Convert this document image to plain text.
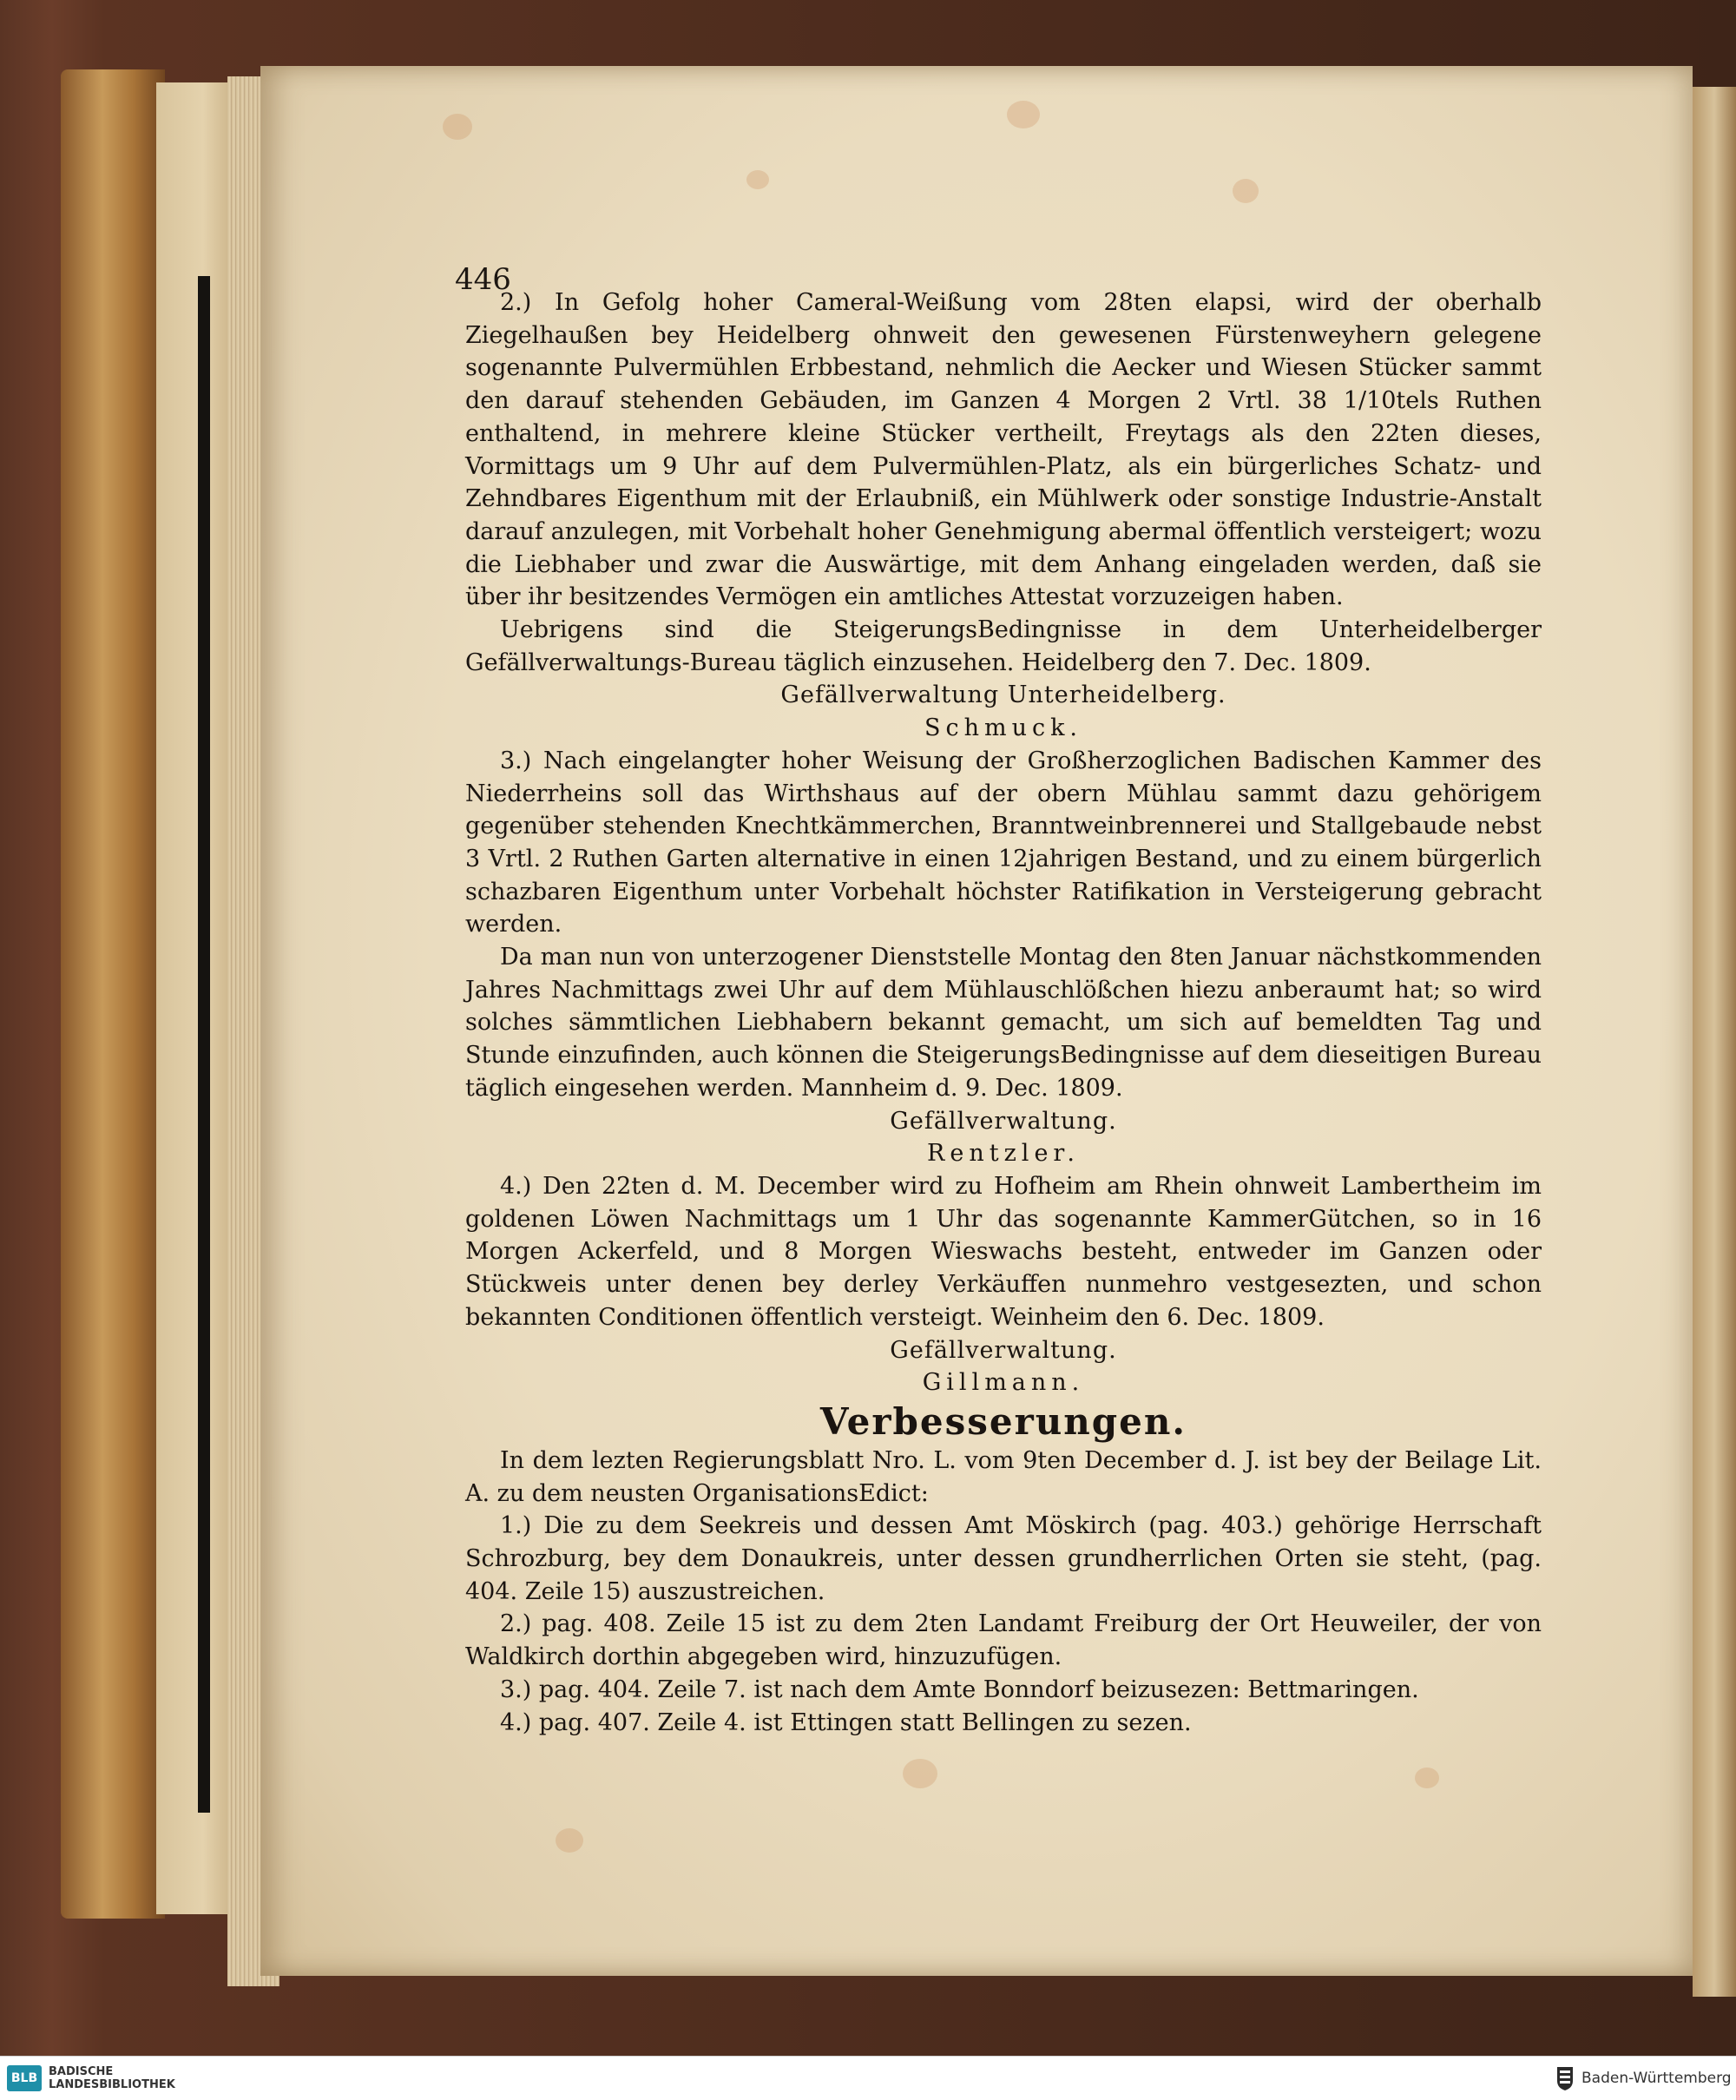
446

2.) In Gefolg hoher Cameral-Weißung vom 28ten elapsi, wird der oberhalb Ziegelhaußen bey Heidelberg ohnweit den gewesenen Fürstenweyhern gelegene sogenannte Pulvermühlen Erbbestand, nehmlich die Aecker und Wiesen Stücker sammt den darauf stehenden Gebäuden, im Ganzen 4 Morgen 2 Vrtl. 38 1/10tels Ruthen enthaltend, in mehrere kleine Stücker vertheilt, Freytags als den 22ten dieses, Vormittags um 9 Uhr auf dem Pulvermühlen-Platz, als ein bürgerliches Schatz- und Zehndbares Eigenthum mit der Erlaubniß, ein Mühlwerk oder sonstige Industrie-Anstalt darauf anzulegen, mit Vorbehalt hoher Genehmigung abermal öffentlich versteigert; wozu die Liebhaber und zwar die Auswärtige, mit dem Anhang eingeladen werden, daß sie über ihr besitzendes Vermögen ein amtliches Attestat vorzuzeigen haben.

Uebrigens sind die SteigerungsBedingnisse in dem Unterheidelberger Gefällverwaltungs-Bureau täglich einzusehen. Heidelberg den 7. Dec. 1809.

Gefällverwaltung Unterheidelberg.

Schmuck.

3.) Nach eingelangter hoher Weisung der Großherzoglichen Badischen Kammer des Niederrheins soll das Wirthshaus auf der obern Mühlau sammt dazu gehörigem gegenüber stehenden Knechtkämmerchen, Branntweinbrennerei und Stallgebaude nebst 3 Vrtl. 2 Ruthen Garten alternative in einen 12jahrigen Bestand, und zu einem bürgerlich schazbaren Eigenthum unter Vorbehalt höchster Ratifikation in Versteigerung gebracht werden.

Da man nun von unterzogener Dienststelle Montag den 8ten Januar nächstkommenden Jahres Nachmittags zwei Uhr auf dem Mühlauschlößchen hiezu anberaumt hat; so wird solches sämmtlichen Liebhabern bekannt gemacht, um sich auf bemeldten Tag und Stunde einzufinden, auch können die SteigerungsBedingnisse auf dem dieseitigen Bureau täglich eingesehen werden. Mannheim d. 9. Dec. 1809.

Gefällverwaltung.

Rentzler.

4.) Den 22ten d. M. December wird zu Hofheim am Rhein ohnweit Lambertheim im goldenen Löwen Nachmittags um 1 Uhr das sogenannte KammerGütchen, so in 16 Morgen Ackerfeld, und 8 Morgen Wieswachs besteht, entweder im Ganzen oder Stückweis unter denen bey derley Verkäuffen nunmehro vestgesezten, und schon bekannten Conditionen öffentlich versteigt. Weinheim den 6. Dec. 1809.

Gefällverwaltung.

Gillmann.

Verbesserungen.

In dem lezten Regierungsblatt Nro. L. vom 9ten December d. J. ist bey der Beilage Lit. A. zu dem neusten OrganisationsEdict:

1.) Die zu dem Seekreis und dessen Amt Möskirch (pag. 403.) gehörige Herrschaft Schrozburg, bey dem Donaukreis, unter dessen grundherrlichen Orten sie steht, (pag. 404. Zeile 15) auszustreichen.

2.) pag. 408. Zeile 15 ist zu dem 2ten Landamt Freiburg der Ort Heuweiler, der von Waldkirch dorthin abgegeben wird, hinzuzufügen.

3.) pag. 404. Zeile 7. ist nach dem Amte Bonndorf beizusezen: Bettmaringen.

4.) pag. 407. Zeile 4. ist Ettingen statt Bellingen zu sezen.

BLB BADISCHE
LANDESBIBLIOTHEK	Baden-Württemberg
